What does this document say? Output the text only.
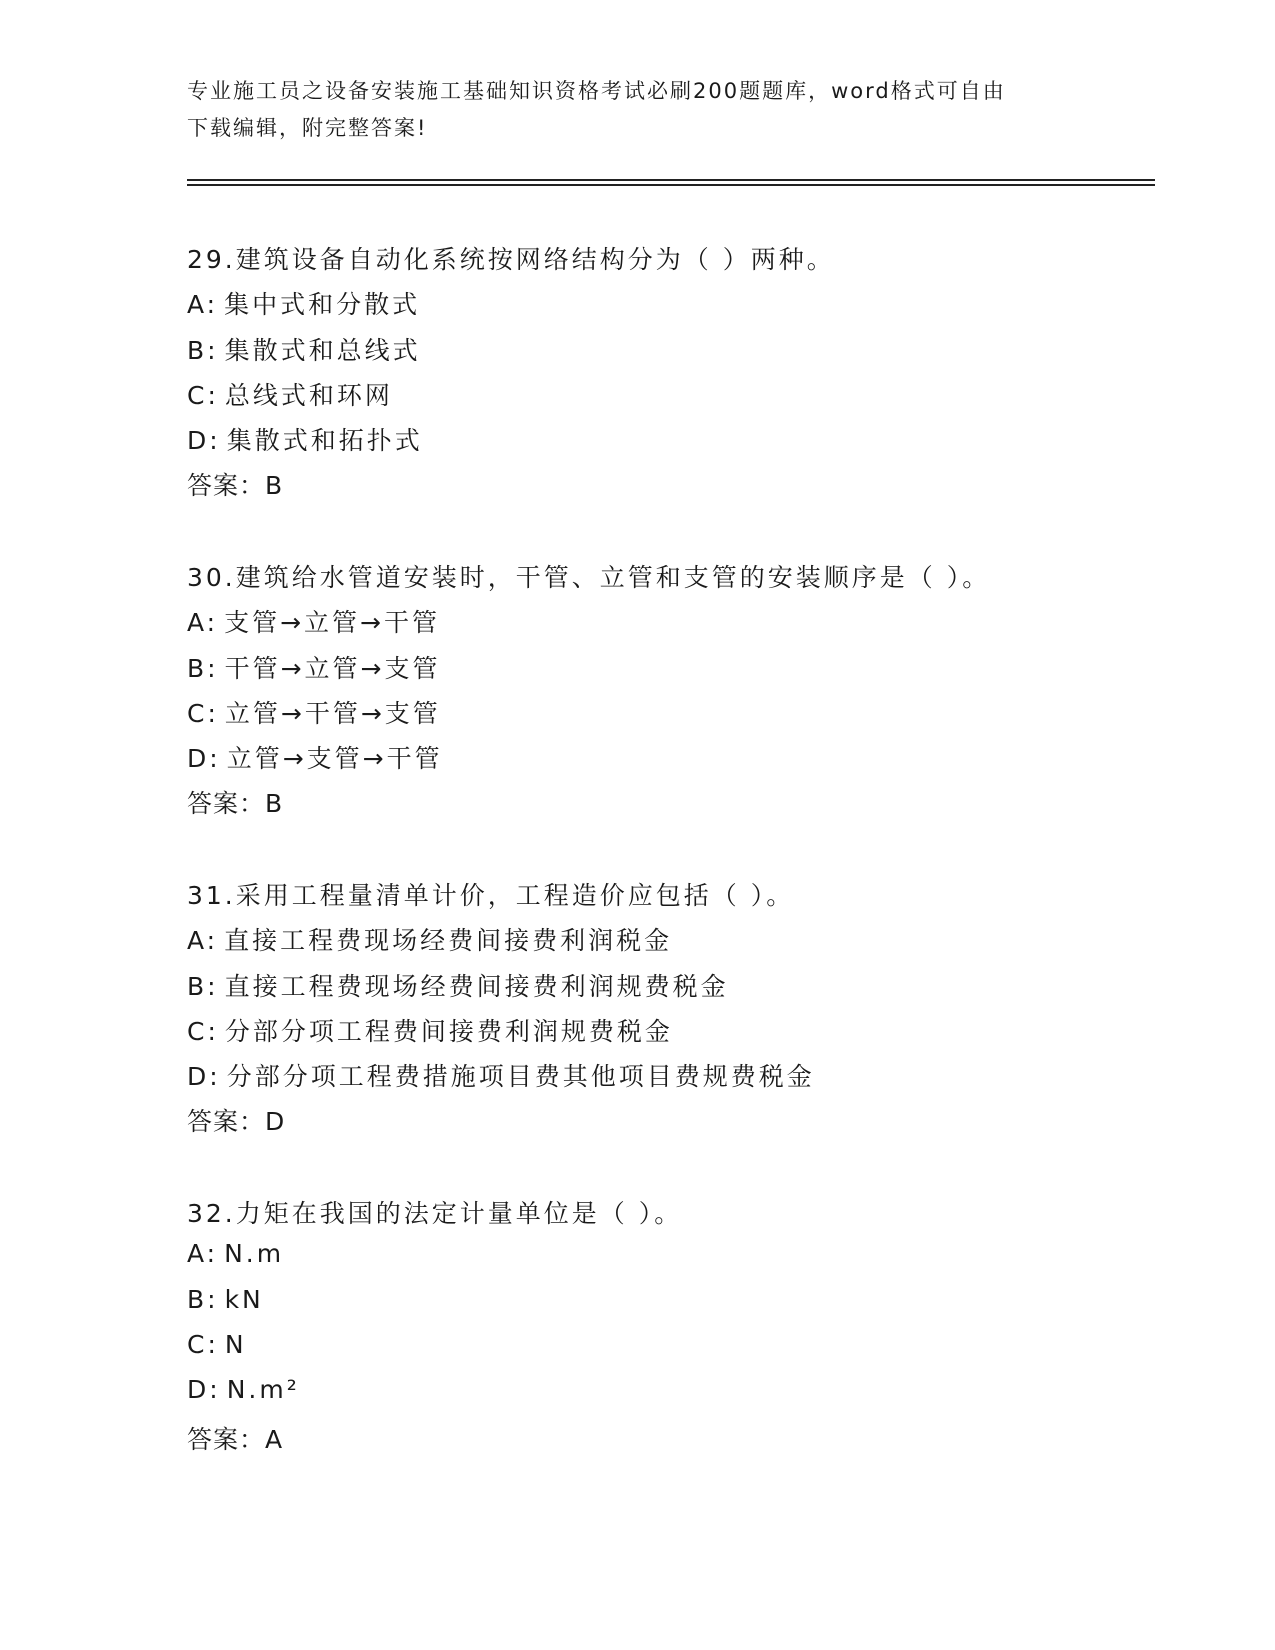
专业施工员之设备安装施工基础知识资格考试必刷200题题库，word格式可自由
下载编辑，附完整答案!
29.建筑设备自动化系统按网络结构分为（ ）两种。
A: 集中式和分散式
B: 集散式和总线式
C: 总线式和环网
D: 集散式和拓扑式
答案：B
30.建筑给水管道安装时，干管、立管和支管的安装顺序是（ ）。
A: 支管→立管→干管
B: 干管→立管→支管
C: 立管→干管→支管
D: 立管→支管→干管
答案：B
31.采用工程量清单计价，工程造价应包括（ ）。
A: 直接工程费现场经费间接费利润税金
B: 直接工程费现场经费间接费利润规费税金
C: 分部分项工程费间接费利润规费税金
D: 分部分项工程费措施项目费其他项目费规费税金
答案：D
32.力矩在我国的法定计量单位是（ ）。
A: N.m
B: kN
C: N
D: N.m²
答案：A
